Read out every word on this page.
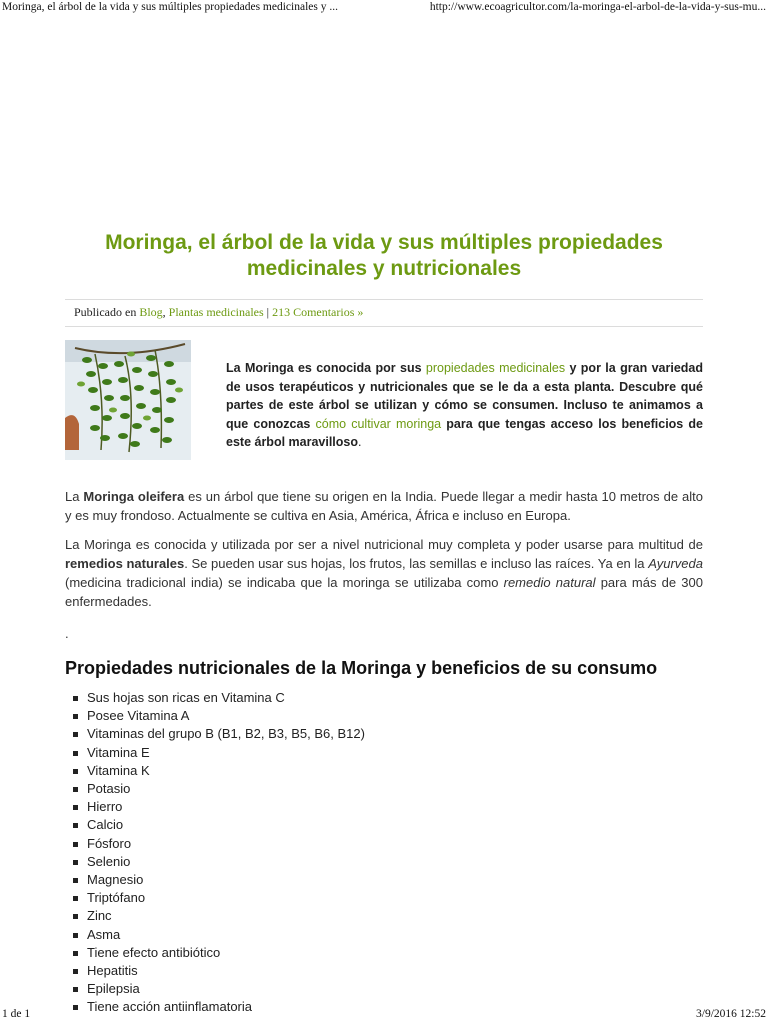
Moringa, el árbol de la vida y sus múltiples propiedades medicinales y ...	http://www.ecoagricultor.com/la-moringa-el-arbol-de-la-vida-y-sus-mu...
Moringa, el árbol de la vida y sus múltiples propiedades medicinales y nutricionales
Publicado en Blog, Plantas medicinales | 213 Comentarios »
La Moringa es conocida por sus propiedades medicinales y por la gran variedad de usos terapéuticos y nutricionales que se le da a esta planta. Descubre qué partes de este árbol se utilizan y cómo se consumen. Incluso te animamos a que conozcas cómo cultivar moringa para que tengas acceso los beneficios de este árbol maravilloso.

La Moringa oleifera es un árbol que tiene su origen en la India. Puede llegar a medir hasta 10 metros de alto y es muy frondoso. Actualmente se cultiva en Asia, América, África e incluso en Europa.

La Moringa es conocida y utilizada por ser a nivel nutricional muy completa y poder usarse para multitud de remedios naturales. Se pueden usar sus hojas, los frutos, las semillas e incluso las raíces. Ya en la Ayurveda (medicina tradicional india) se indicaba que la moringa se utilizaba como remedio natural para más de 300 enfermedades.

.
Propiedades nutricionales de la Moringa y beneficios de su consumo
Sus hojas son ricas en Vitamina C
Posee Vitamina A
Vitaminas del grupo B (B1, B2, B3, B5, B6, B12)
Vitamina E
Vitamina K
Potasio
Hierro
Calcio
Fósforo
Selenio
Magnesio
Triptófano
Zinc
Asma
Tiene efecto antibiótico
Hepatitis
Epilepsia
Tiene acción antiinflamatoria
1 de 1	3/9/2016 12:52
